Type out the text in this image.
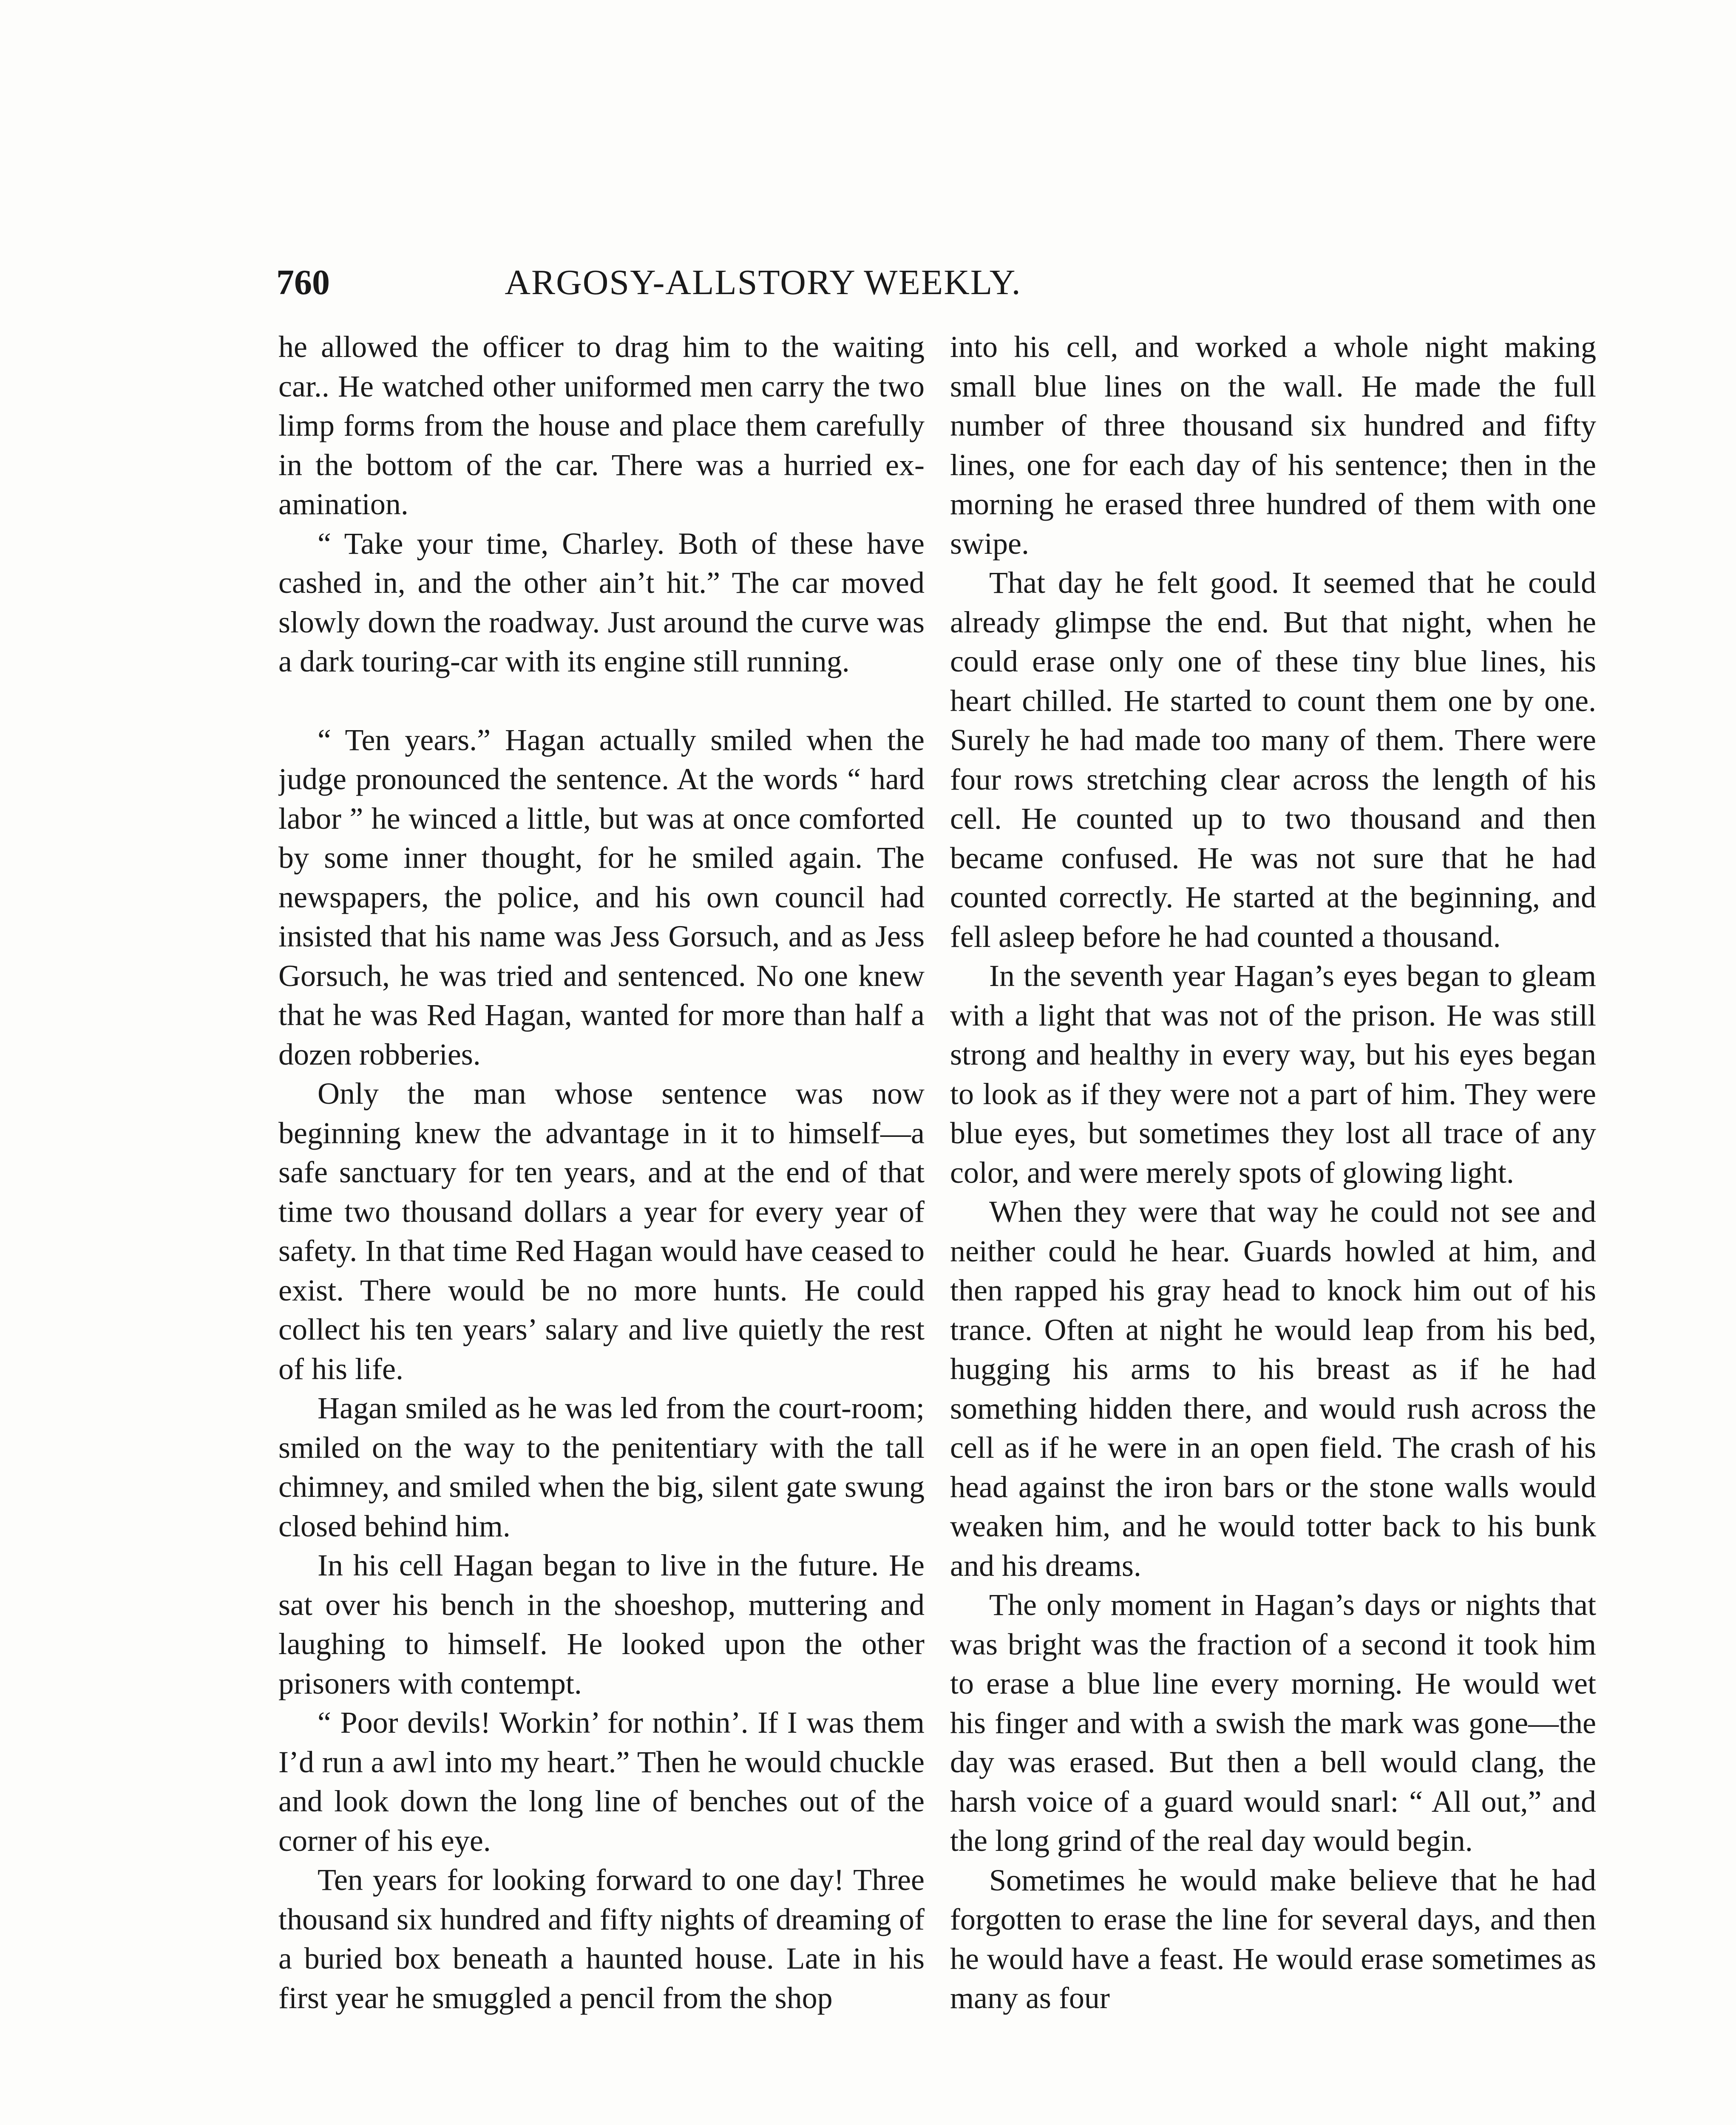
760	ARGOSY-ALLSTORY WEEKLY.

he allowed the officer to drag him to the waiting car.. He watched other uniformed men carry the two limp forms from the house and place them carefully in the bottom of the car. There was a hurried examination.

“ Take your time, Charley. Both of these have cashed in, and the other ain’t hit.” The car moved slowly down the roadway. Just around the curve was a dark touring-car with its engine still running.

“ Ten years.” Hagan actually smiled when the judge pronounced the sentence. At the words “ hard labor ” he winced a little, but was at once comforted by some inner thought, for he smiled again. The newspapers, the police, and his own council had insisted that his name was Jess Gorsuch, and as Jess Gorsuch, he was tried and sentenced. No one knew that he was Red Hagan, wanted for more than half a dozen robberies.

Only the man whose sentence was now beginning knew the advantage in it to himself—a safe sanctuary for ten years, and at the end of that time two thousand dollars a year for every year of safety. In that time Red Hagan would have ceased to exist. There would be no more hunts. He could collect his ten years’ salary and live quietly the rest of his life.

Hagan smiled as he was led from the court-room; smiled on the way to the penitentiary with the tall chimney, and smiled when the big, silent gate swung closed behind him.

In his cell Hagan began to live in the future. He sat over his bench in the shoeshop, muttering and laughing to himself. He looked upon the other prisoners with contempt.

“ Poor devils! Workin’ for nothin’. If I was them I’d run a awl into my heart.” Then he would chuckle and look down the long line of benches out of the corner of his eye.

Ten years for looking forward to one day! Three thousand six hundred and fifty nights of dreaming of a buried box beneath a haunted house. Late in his first year he smuggled a pencil from the shop

into his cell, and worked a whole night making small blue lines on the wall. He made the full number of three thousand six hundred and fifty lines, one for each day of his sentence; then in the morning he erased three hundred of them with one swipe.

That day he felt good. It seemed that he could already glimpse the end. But that night, when he could erase only one of these tiny blue lines, his heart chilled. He started to count them one by one. Surely he had made too many of them. There were four rows stretching clear across the length of his cell. He counted up to two thousand and then became confused. He was not sure that he had counted correctly. He started at the beginning, and fell asleep before he had counted a thousand.

In the seventh year Hagan’s eyes began to gleam with a light that was not of the prison. He was still strong and healthy in every way, but his eyes began to look as if they were not a part of him. They were blue eyes, but sometimes they lost all trace of any color, and were merely spots of glowing light.

When they were that way he could not see and neither could he hear. Guards howled at him, and then rapped his gray head to knock him out of his trance. Often at night he would leap from his bed, hugging his arms to his breast as if he had something hidden there, and would rush across the cell as if he were in an open field. The crash of his head against the iron bars or the stone walls would weaken him, and he would totter back to his bunk and his dreams.

The only moment in Hagan’s days or nights that was bright was the fraction of a second it took him to erase a blue line every morning. He would wet his finger and with a swish the mark was gone—the day was erased. But then a bell would clang, the harsh voice of a guard would snarl: “ All out,” and the long grind of the real day would begin.

Sometimes he would make believe that he had forgotten to erase the line for several days, and then he would have a feast. He would erase sometimes as many as four
